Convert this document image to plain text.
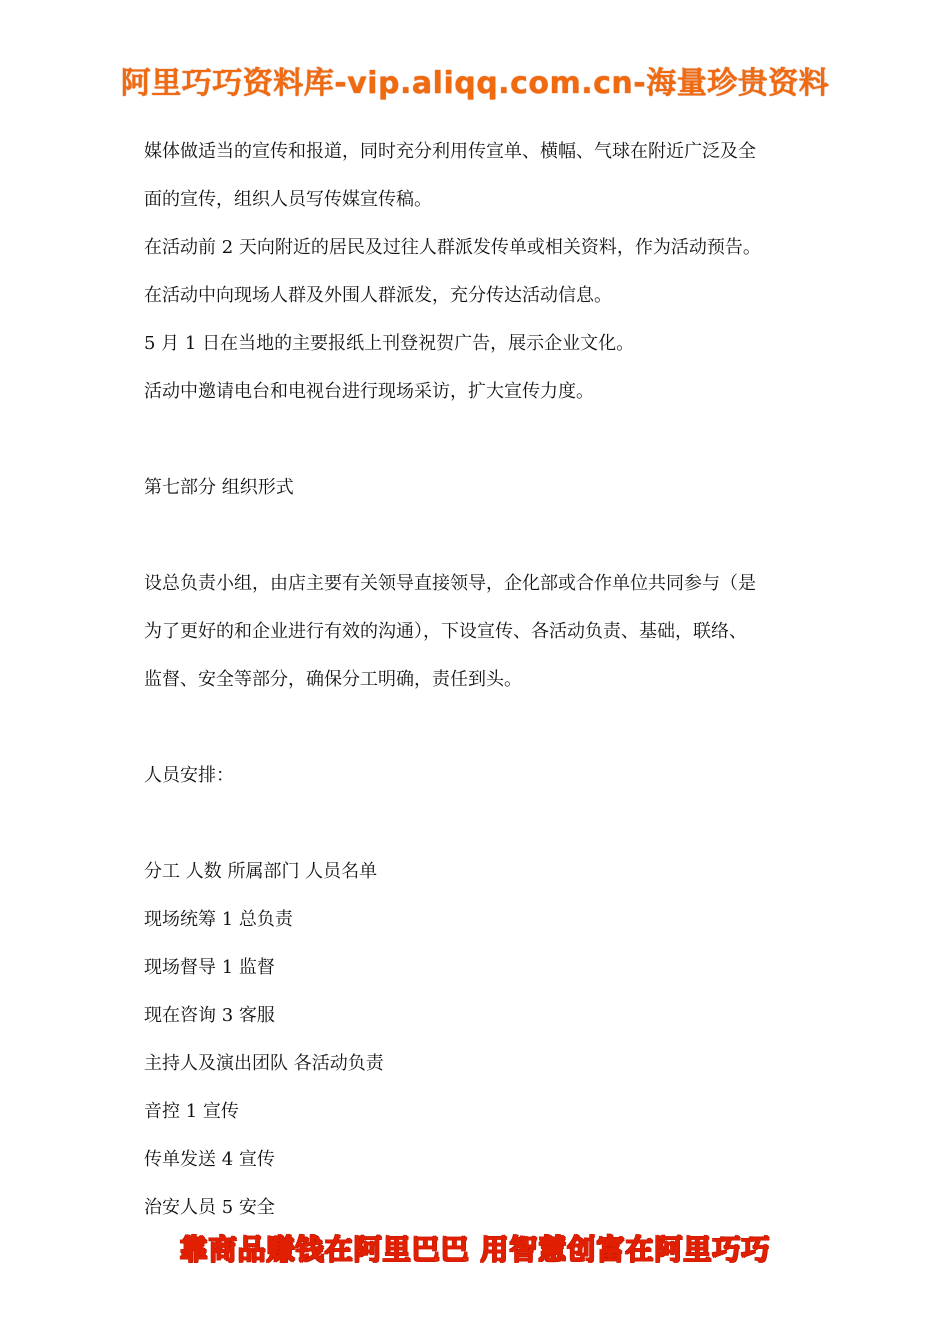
阿里巧巧资料库-vip.aliqq.com.cn-海量珍贵资料
媒体做适当的宣传和报道，同时充分利用传宣单、横幅、气球在附近广泛及全
面的宣传，组织人员写传媒宣传稿。
在活动前 2 天向附近的居民及过往人群派发传单或相关资料，作为活动预告。
在活动中向现场人群及外围人群派发，充分传达活动信息。
5 月 1 日在当地的主要报纸上刊登祝贺广告，展示企业文化。
活动中邀请电台和电视台进行现场采访，扩大宣传力度。
第七部分 组织形式
设总负责小组，由店主要有关领导直接领导，企化部或合作单位共同参与（是
为了更好的和企业进行有效的沟通），下设宣传、各活动负责、基础，联络、
监督、安全等部分，确保分工明确，责任到头。
人员安排：
分工 人数 所属部门 人员名单
现场统筹 1 总负责
现场督导 1 监督
现在咨询 3 客服
主持人及演出团队 各活动负责
音控 1 宣传
传单发送 4 宣传
治安人员 5 安全
靠商品赚钱在阿里巴巴 用智慧创富在阿里巧巧
